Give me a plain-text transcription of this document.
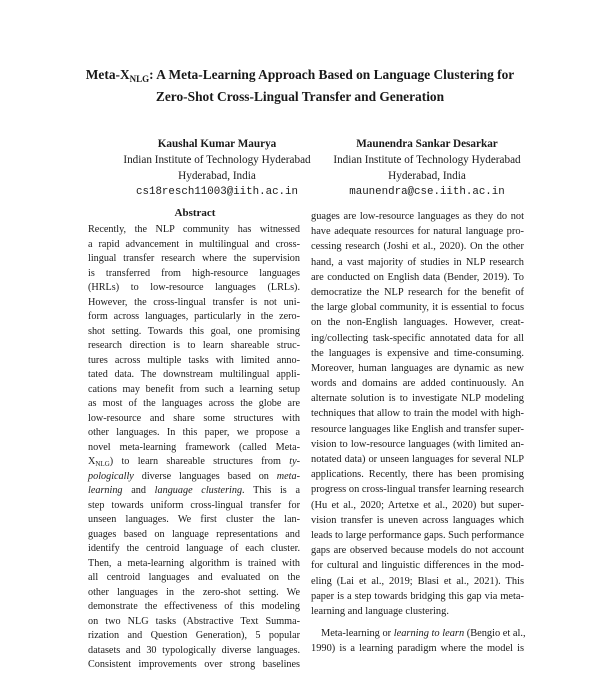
Meta-$X_{NLG}$: A Meta-Learning Approach Based on Language Clustering for
Zero-Shot Cross-Lingual Transfer and Generation
Kaushal Kumar Maurya
Indian Institute of Technology Hyderabad
Hyderabad, India
cs18resch11003@iith.ac.in
Maunendra Sankar Desarkar
Indian Institute of Technology Hyderabad
Hyderabad, India
maunendra@cse.iith.ac.in
Abstract
Recently, the NLP community has witnessed
a rapid advancement in multilingual and cross-
lingual transfer research where the supervision
is transferred from high-resource languages
(HRLs) to low-resource languages (LRLs).
However, the cross-lingual transfer is not uni-
form across languages, particularly in the zero-
shot setting. Towards this goal, one promising
research direction is to learn shareable struc-
tures across multiple tasks with limited anno-
tated data. The downstream multilingual appli-
cations may benefit from such a learning setup
as most of the languages across the globe are
low-resource and share some structures with
other languages. In this paper, we propose a
novel meta-learning framework (called Meta-
XNLG) to learn shareable structures from ty-
pologically diverse languages based on meta-
learning and language clustering. This is a
step towards uniform cross-lingual transfer for
unseen languages. We first cluster the lan-
guages based on language representations and
identify the centroid language of each cluster.
Then, a meta-learning algorithm is trained with
all centroid languages and evaluated on the
other languages in the zero-shot setting. We
demonstrate the effectiveness of this modeling
on two NLG tasks (Abstractive Text Summa-
rization and Question Generation), 5 popular
datasets and 30 typologically diverse languages.
Consistent improvements over strong baselines
guages are low-resource languages as they do not
have adequate resources for natural language pro-
cessing research (Joshi et al., 2020). On the other
hand, a vast majority of studies in NLP research
are conducted on English data (Bender, 2019). To
democratize the NLP research for the benefit of
the large global community, it is essential to focus
on the non-English languages. However, creat-
ing/collecting task-specific annotated data for all
the languages is expensive and time-consuming.
Moreover, human languages are dynamic as new
words and domains are added continuously. An
alternate solution is to investigate NLP modeling
techniques that allow to train the model with high-
resource languages like English and transfer super-
vision to low-resource languages (with limited an-
notated data) or unseen languages for several NLP
applications. Recently, there has been promising
progress on cross-lingual transfer learning research
(Hu et al., 2020; Artetxe et al., 2020) but super-
vision transfer is uneven across languages which
leads to large performance gaps. Such performance
gaps are observed because models do not account
for cultural and linguistic differences in the mod-
eling (Lai et al., 2019; Blasi et al., 2021). This
paper is a step towards bridging this gap via meta-
learning and language clustering.
Meta-learning or learning to learn (Bengio et al.,
1990) is a learning paradigm where the model is
